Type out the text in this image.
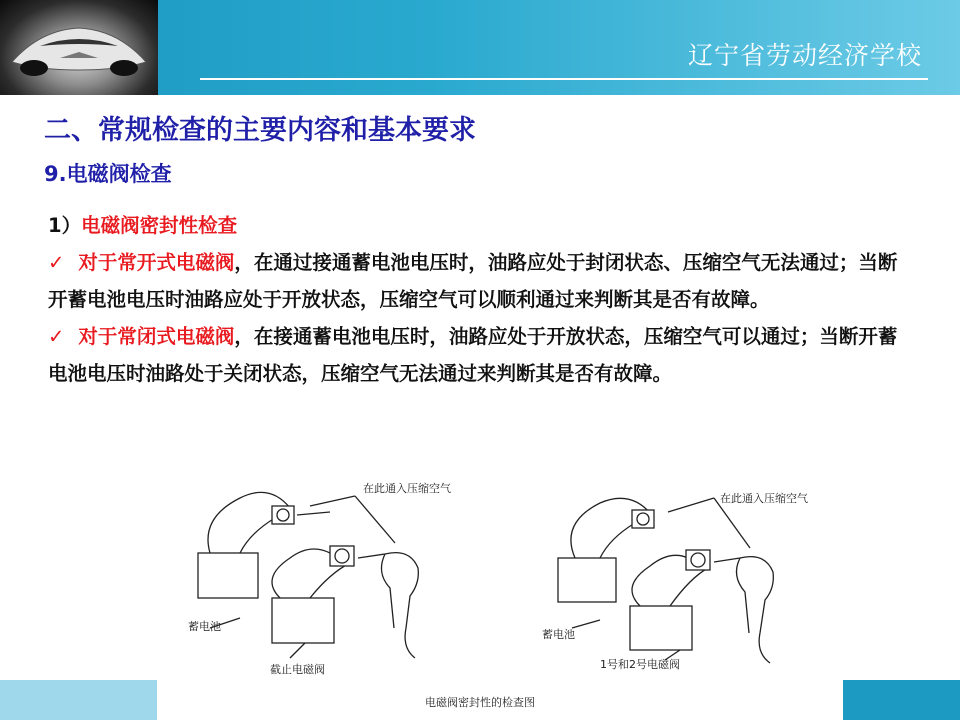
辽宁省劳动经济学校
二、常规检查的主要内容和基本要求
9.电磁阀检查
1）电磁阀密封性检查
✓ 对于常开式电磁阀，在通过接通蓄电池电压时，油路应处于封闭状态、压缩空气无法通过；当断开蓄电池电压时油路应处于开放状态，压缩空气可以顺利通过来判断其是否有故障。
✓ 对于常闭式电磁阀，在接通蓄电池电压时，油路应处于开放状态，压缩空气可以通过；当断开蓄电池电压时油路处于关闭状态，压缩空气无法通过来判断其是否有故障。
在此通入压缩空气
蓄电池
截止电磁阀
在此通入压缩空气
蓄电池
1号和2号电磁阀
电磁阀密封性的检查图
